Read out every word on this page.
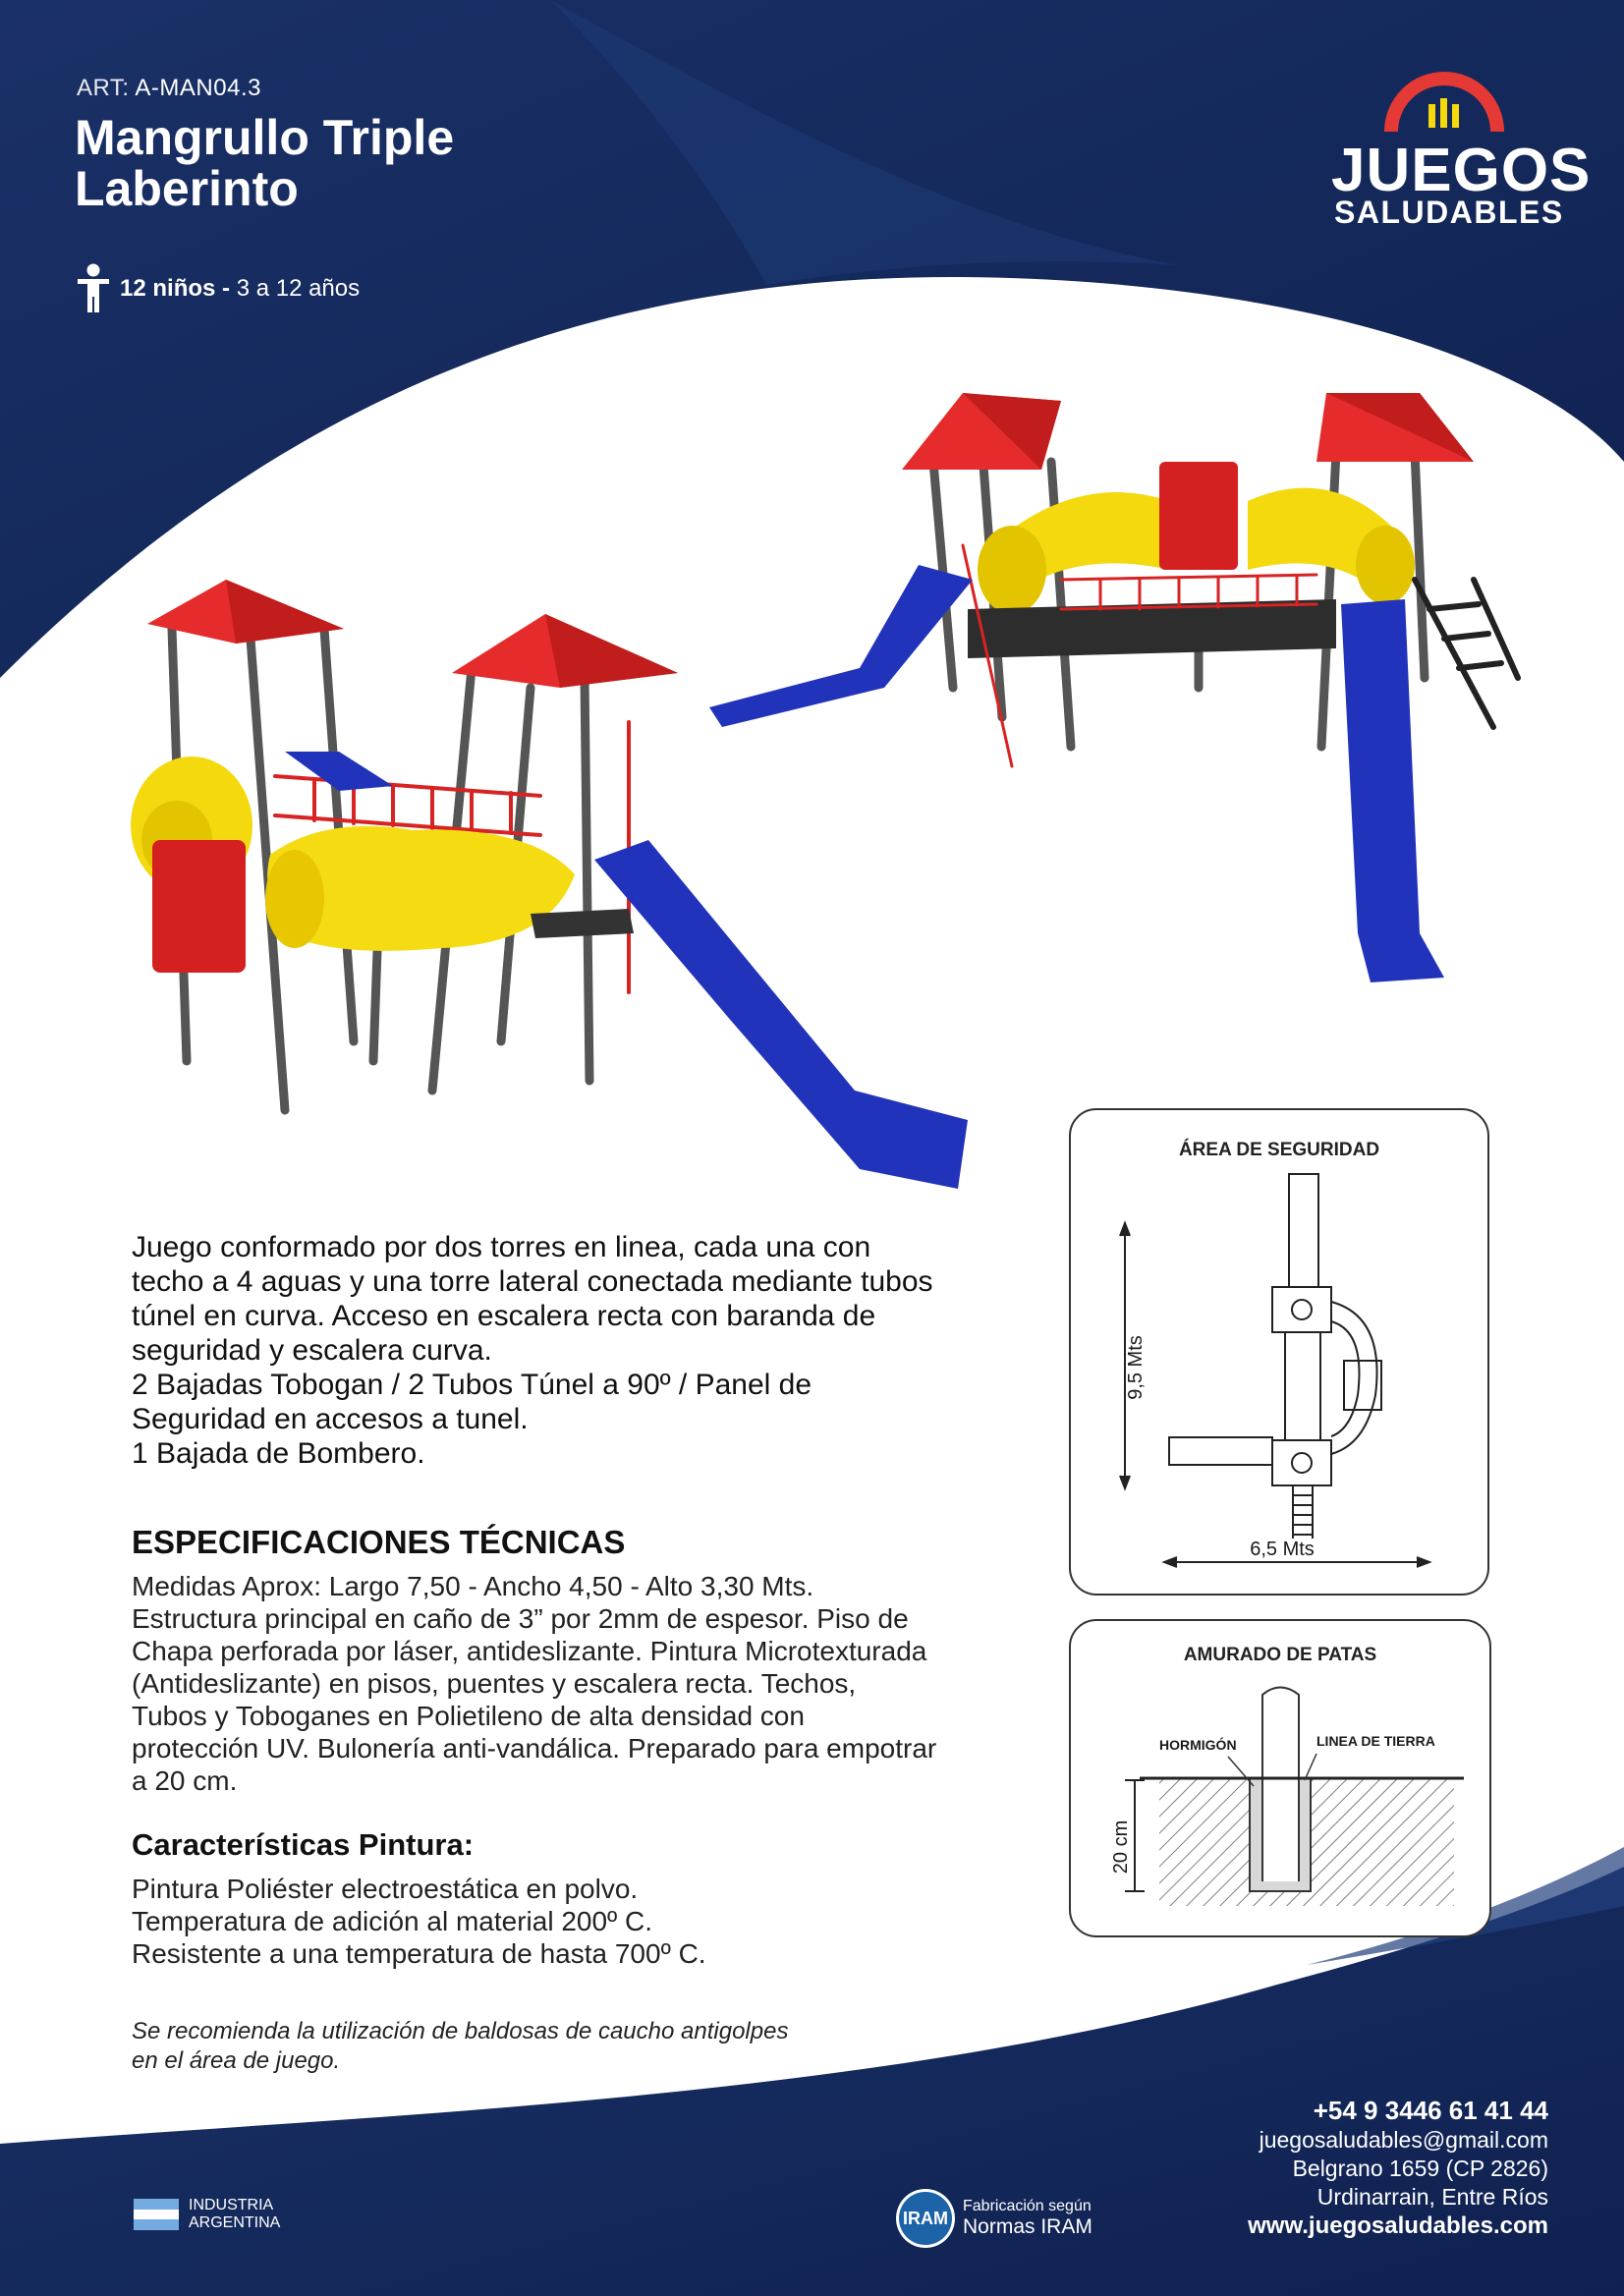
ART: A-MAN04.3
Mangrullo Triple
Laberinto
12 niños - 3 a 12 años
JUEGOS
SALUDABLES

Juego conformado por dos torres en linea, cada una con techo a 4 aguas y una torre lateral conectada mediante tubos túnel en curva. Acceso en escalera recta con baranda de seguridad y escalera curva.

2 Bajadas Tobogan / 2 Tubos Túnel a 90º / Panel de Seguridad en accesos a tunel.

1 Bajada de Bombero.

ESPECIFICACIONES TÉCNICAS
Medidas Aprox: Largo 7,50 - Ancho 4,50 - Alto 3,30 Mts. Estructura principal en caño de 3” por 2mm de espesor. Piso de Chapa perforada por láser, antideslizante. Pintura Microtexturada (Antideslizante) en pisos, puentes y escalera recta. Techos, Tubos y Toboganes en Polietileno de alta densidad con protección UV. Bulonería anti-vandálica. Preparado para empotrar a 20 cm.
Características Pintura:
Pintura Poliéster electroestática en polvo.
Temperatura de adición al material 200º C.
Resistente a una temperatura de hasta 700º C.
Se recomienda la utilización de baldosas de caucho antigolpes en el área de juego.
ÁREA DE SEGURIDAD
9,5 Mts
6,5 Mts
AMURADO DE PATAS
HORMIGÓN	LINEA DE TIERRA
20 cm
+54 9 3446 61 41 44
juegosaludables@gmail.com
Belgrano 1659 (CP 2826)
Urdinarrain, Entre Ríos
www.juegosaludables.com
INDUSTRIA
ARGENTINA	IRAM
Fabricación según
Normas IRAM
